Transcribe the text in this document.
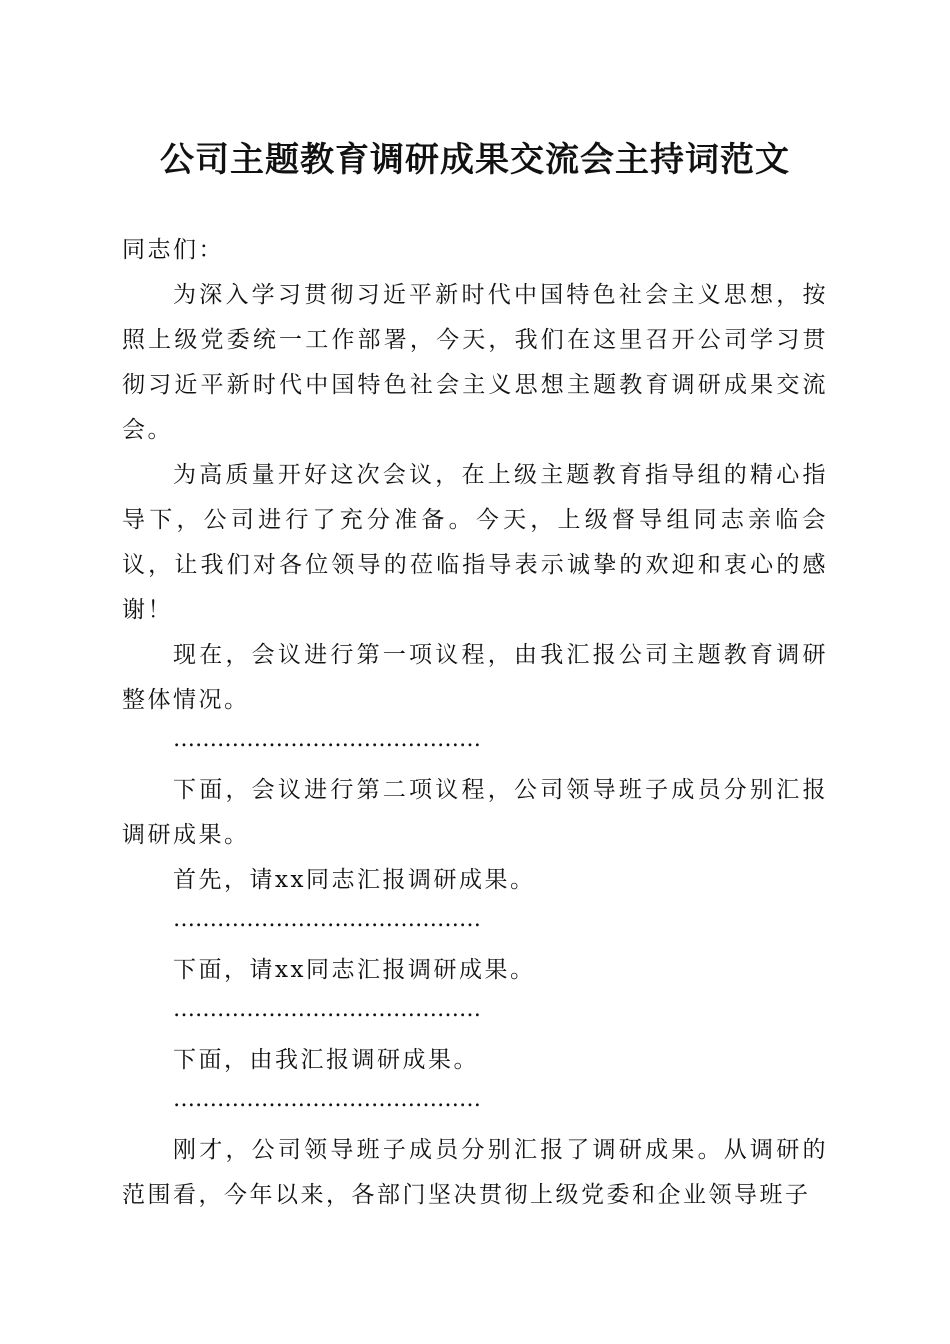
公司主题教育调研成果交流会主持词范文

同志们：

为深入学习贯彻习近平新时代中国特色社会主义思想，按照上级党委统一工作部署，今天，我们在这里召开公司学习贯彻习近平新时代中国特色社会主义思想主题教育调研成果交流会。

为高质量开好这次会议，在上级主题教育指导组的精心指导下，公司进行了充分准备。今天，上级督导组同志亲临会议，让我们对各位领导的莅临指导表示诚挚的欢迎和衷心的感谢！

现在，会议进行第一项议程，由我汇报公司主题教育调研整体情况。

……………………………………

下面，会议进行第二项议程，公司领导班子成员分别汇报调研成果。

首先，请xx同志汇报调研成果。

……………………………………

下面，请xx同志汇报调研成果。

……………………………………

下面，由我汇报调研成果。

……………………………………

刚才，公司领导班子成员分别汇报了调研成果。从调研的范围看，今年以来，各部门坚决贯彻上级党委和企业领导班子
